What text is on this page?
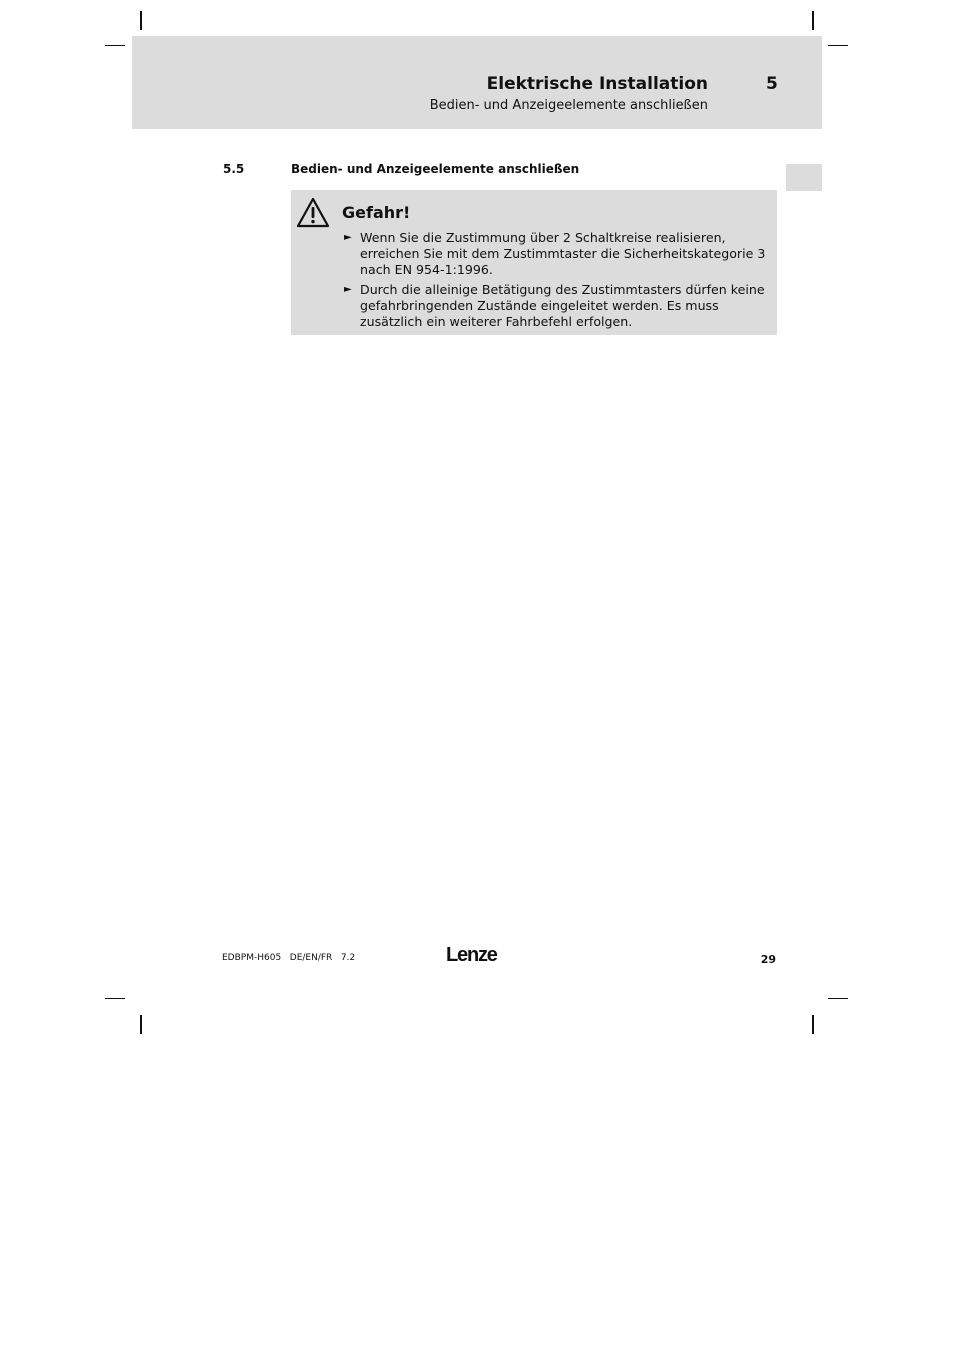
Elektrische Installation	5
Bedien- und Anzeigeelemente anschließen
5.5	Bedien- und Anzeigeelemente anschließen
Gefahr!
► Wenn Sie die Zustimmung über 2 Schaltkreise realisieren, erreichen Sie mit dem Zustimmtaster die Sicherheitskategorie 3 nach EN 954-1:1996.
► Durch die alleinige Betätigung des Zustimmtasters dürfen keine gefahrbringenden Zustände eingeleitet werden. Es muss zusätzlich ein weiterer Fahrbefehl erfolgen.
EDBPM-H605   DE/EN/FR   7.2	Lenze	29
